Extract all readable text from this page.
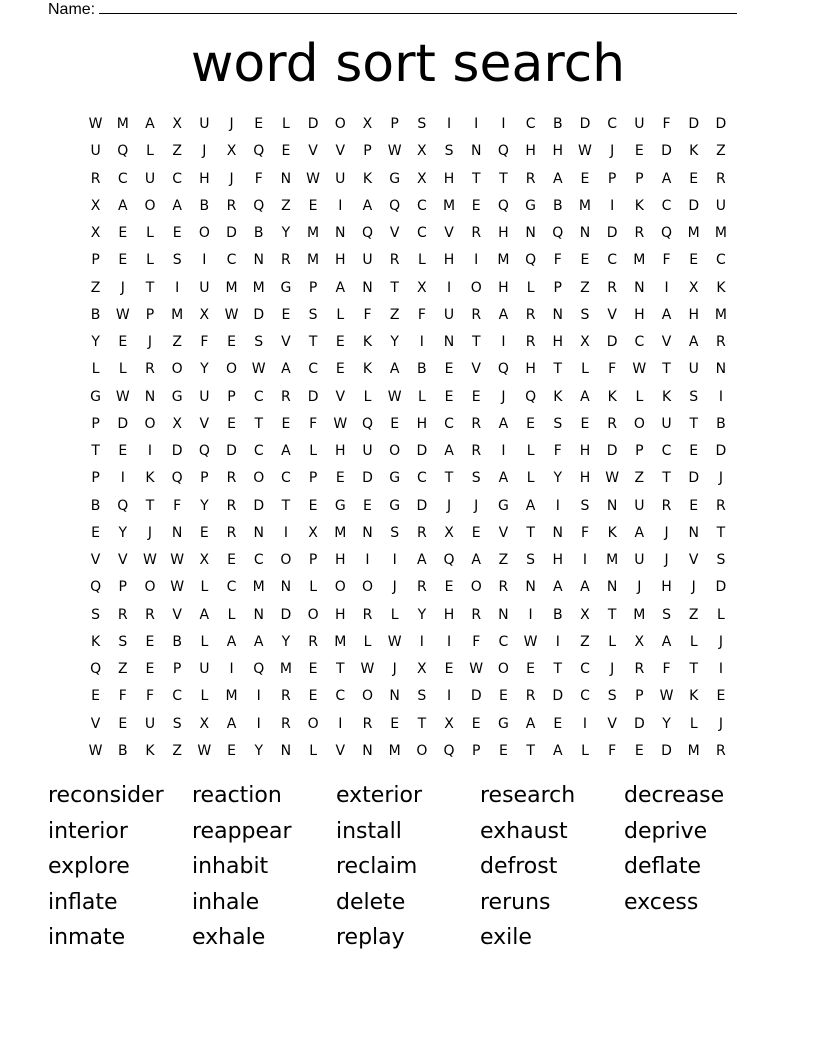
Name:
word sort search
W M A X U J E L D O X P S I I I C B D C U F D D
U Q L Z J X Q E V V P W X S N Q H H W J E D K Z
R C U C H J F N W U K G X H T T R A E P P A E R
X A O A B R Q Z E I A Q C M E Q G B M I K C D U
X E L E O D B Y M N Q V C V R H N Q N D R Q M M
P E L S I C N R M H U R L H I M Q F E C M F E C
Z J T I U M M G P A N T X I O H L P Z R N I X K
B W P M X W D E S L F Z F U R A R N S V H A H M
Y E J Z F E S V T E K Y I N T I R H X D C V A R
L L R O Y O W A C E K A B E V Q H T L F W T U N
G W N G U P C R D V L W L E E J Q K A K L K S I
P D O X V E T E F W Q E H C R A E S E R O U T B
T E I D Q D C A L H U O D A R I L F H D P C E D
P I K Q P R O C P E D G C T S A L Y H W Z T D J
B Q T F Y R D T E G E G D J J G A I S N U R E R
E Y J N E R N I X M N S R X E V T N F K A J N T
V V W W X E C O P H I I A Q A Z S H I M U J V S
Q P O W L C M N L O O J R E O R N A A N J H J D
S R R V A L N D O H R L Y H R N I B X T M S Z L
K S E B L A A Y R M L W I I F C W I Z L X A L J
Q Z E P U I Q M E T W J X E W O E T C J R F T I
E F F C L M I R E C O N S I D E R D C S P W K E
V E U S X A I R O I R E T X E G A E I V D Y L J
W B K Z W E Y N L V N M O Q P E T A L F E D M R
reconsider reaction exterior	research decrease
interior	reappear install	exhaust	deprive
explore	inhabit	reclaim	defrost	deflate
inflate	inhale	delete	reruns	excess
inmate	exhale	replay	exile
